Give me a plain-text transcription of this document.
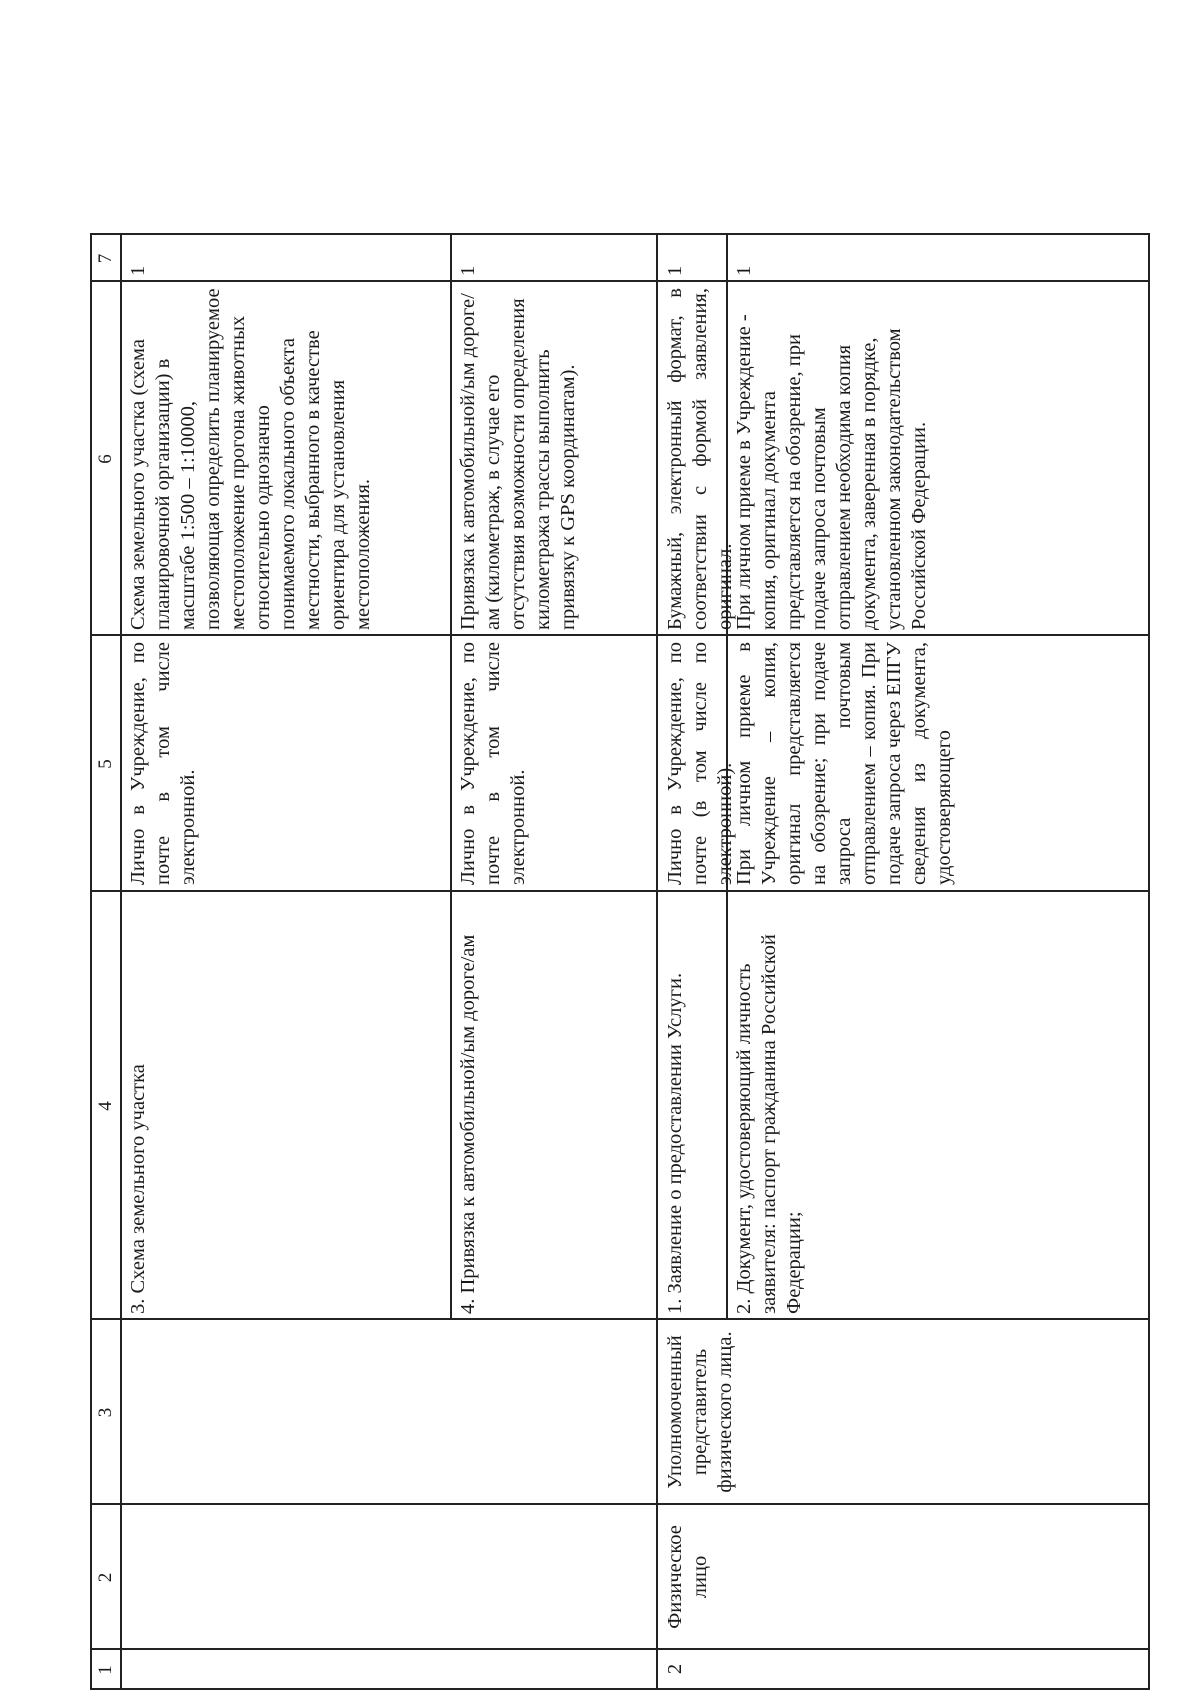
1
2
3
4
5
6
7
3. Схема земельного участка
Лично в Учреждение, по почте в том числе электронной.
Схема земельного участка (схема планировочной организации) в масштабе 1:500 – 1:10000, позволяющая определить планируемое местоположение прогона животных относительно однозначно понимаемого локального объекта местности, выбранного в качестве ориентира для установления местоположения.
1
4. Привязка к автомобильной/ым дороге/ам
Лично в Учреждение, по почте в том числе электронной.
Привязка к автомобильной/ым дороге/ам (километраж, в случае его отсутствия возможности определения километража трассы выполнить привязку к GPS координатам).
1
2
Физическое лицо
Уполномоченный представитель физического лица.
1. Заявление о предоставлении Услуги.
Лично в Учреждение, по почте (в том числе по электронной).
Бумажный, электронный формат, в соответствии с формой заявления, оригинал.
1
2. Документ, удостоверяющий личность заявителя: паспорт гражданина Российской Федерации;
При личном приеме в Учреждение – копия, оригинал представляется на обозрение; при подаче запроса почтовым отправлением – копия. При подаче запроса через ЕПГУ сведения из документа, удостоверяющего
При личном приеме в Учреждение - копия, оригинал документа представляется на обозрение, при подаче запроса почтовым отправлением необходима копия документа, заверенная в порядке, установленном законодательством Российской Федерации.
1
